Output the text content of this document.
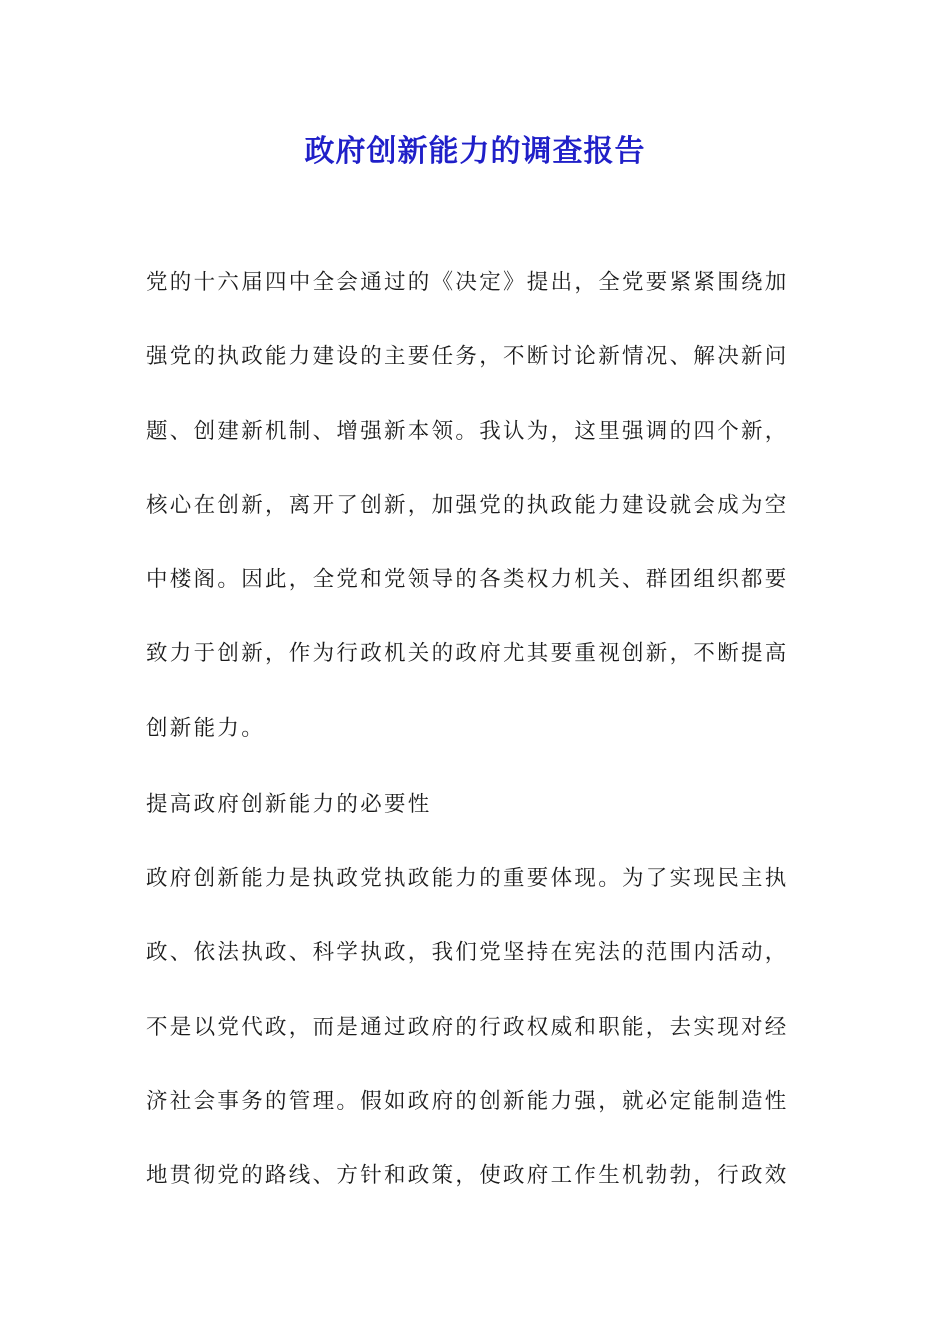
政府创新能力的调查报告
党的十六届四中全会通过的《决定》提出，全党要紧紧围绕加
强党的执政能力建设的主要任务，不断讨论新情况、解决新问
题、创建新机制、增强新本领。我认为，这里强调的四个新，
核心在创新，离开了创新，加强党的执政能力建设就会成为空
中楼阁。因此，全党和党领导的各类权力机关、群团组织都要
致力于创新，作为行政机关的政府尤其要重视创新，不断提高
创新能力。
提高政府创新能力的必要性
政府创新能力是执政党执政能力的重要体现。为了实现民主执
政、依法执政、科学执政，我们党坚持在宪法的范围内活动，
不是以党代政，而是通过政府的行政权威和职能，去实现对经
济社会事务的管理。假如政府的创新能力强，就必定能制造性
地贯彻党的路线、方针和政策，使政府工作生机勃勃，行政效
